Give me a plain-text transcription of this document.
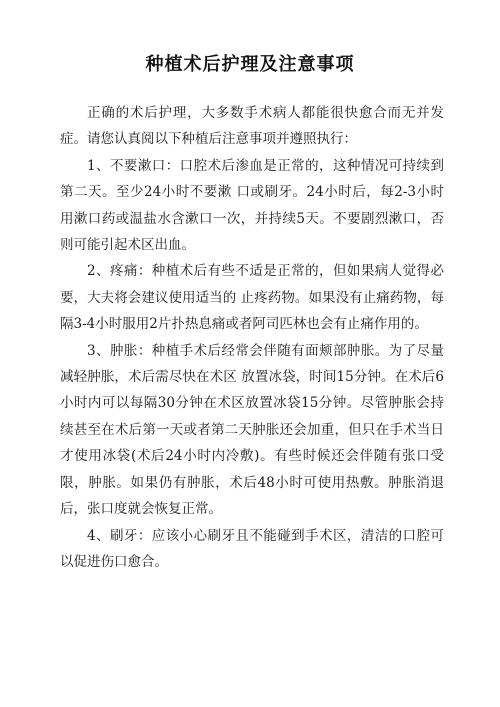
种植术后护理及注意事项

正确的术后护理，大多数手术病人都能很快愈合而无并发症。请您认真阅以下种植后注意事项并遵照执行：

1、不要漱口：口腔术后渗血是正常的，这种情况可持续到第二天。至少24小时不要漱 口或刷牙。24小时后，每2-3小时用漱口药或温盐水含漱口一次，并持续5天。不要剧烈漱口，否则可能引起术区出血。

2、疼痛：种植术后有些不适是正常的，但如果病人觉得必要，大夫将会建议使用适当的 止疼药物。如果没有止痛药物，每隔3-4小时服用2片扑热息痛或者阿司匹林也会有止痛作用的。

3、肿胀：种植手术后经常会伴随有面颊部肿胀。为了尽量减轻肿胀，术后需尽快在术区 放置冰袋，时间15分钟。在术后6小时内可以每隔30分钟在术区放置冰袋15分钟。尽管肿胀会持续甚至在术后第一天或者第二天肿胀还会加重，但只在手术当日才使用冰袋(术后24小时内冷敷)。有些时候还会伴随有张口受限，肿胀。如果仍有肿胀，术后48小时可使用热敷。肿胀消退后，张口度就会恢复正常。

4、刷牙：应该小心刷牙且不能碰到手术区，清洁的口腔可以促进伤口愈合。
